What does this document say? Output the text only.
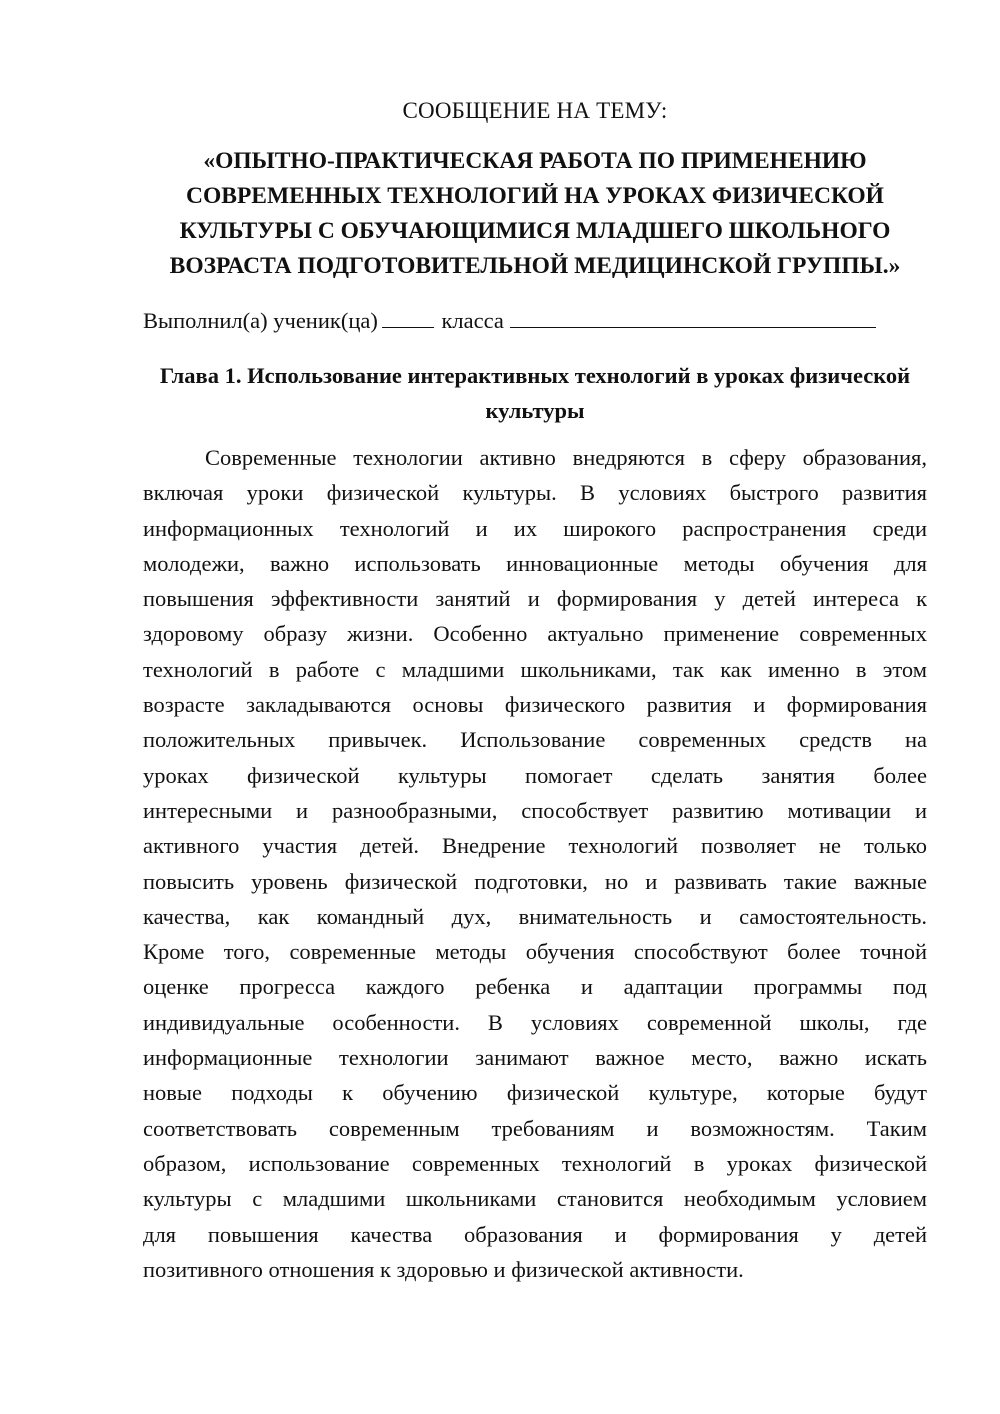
СООБЩЕНИЕ НА ТЕМУ:
«ОПЫТНО-ПРАКТИЧЕСКАЯ РАБОТА ПО ПРИМЕНЕНИЮ
СОВРЕМЕННЫХ ТЕХНОЛОГИЙ НА УРОКАХ ФИЗИЧЕСКОЙ
КУЛЬТУРЫ С ОБУЧАЮЩИМИСЯ МЛАДШЕГО ШКОЛЬНОГО
ВОЗРАСТА ПОДГОТОВИТЕЛЬНОЙ МЕДИЦИНСКОЙ ГРУППЫ.»
Выполнил(а) ученик(ца)	класса
Глава 1. Использование интерактивных технологий в уроках физической
культуры
Современные технологии активно внедряются в сферу образования,
включая уроки физической культуры. В условиях быстрого развития
информационных технологий и их широкого распространения среди
молодежи, важно использовать инновационные методы обучения для
повышения эффективности занятий и формирования у детей интереса к
здоровому образу жизни. Особенно актуально применение современных
технологий в работе с младшими школьниками, так как именно в этом
возрасте закладываются основы физического развития и формирования
положительных привычек. Использование современных средств на
уроках физической культуры помогает сделать занятия более
интересными и разнообразными, способствует развитию мотивации и
активного участия детей. Внедрение технологий позволяет не только
повысить уровень физической подготовки, но и развивать такие важные
качества, как командный дух, внимательность и самостоятельность.
Кроме того, современные методы обучения способствуют более точной
оценке прогресса каждого ребенка и адаптации программы под
индивидуальные особенности. В условиях современной школы, где
информационные технологии занимают важное место, важно искать
новые подходы к обучению физической культуре, которые будут
соответствовать современным требованиям и возможностям. Таким
образом, использование современных технологий в уроках физической
культуры с младшими школьниками становится необходимым условием
для повышения качества образования и формирования у детей
позитивного отношения к здоровью и физической активности.
